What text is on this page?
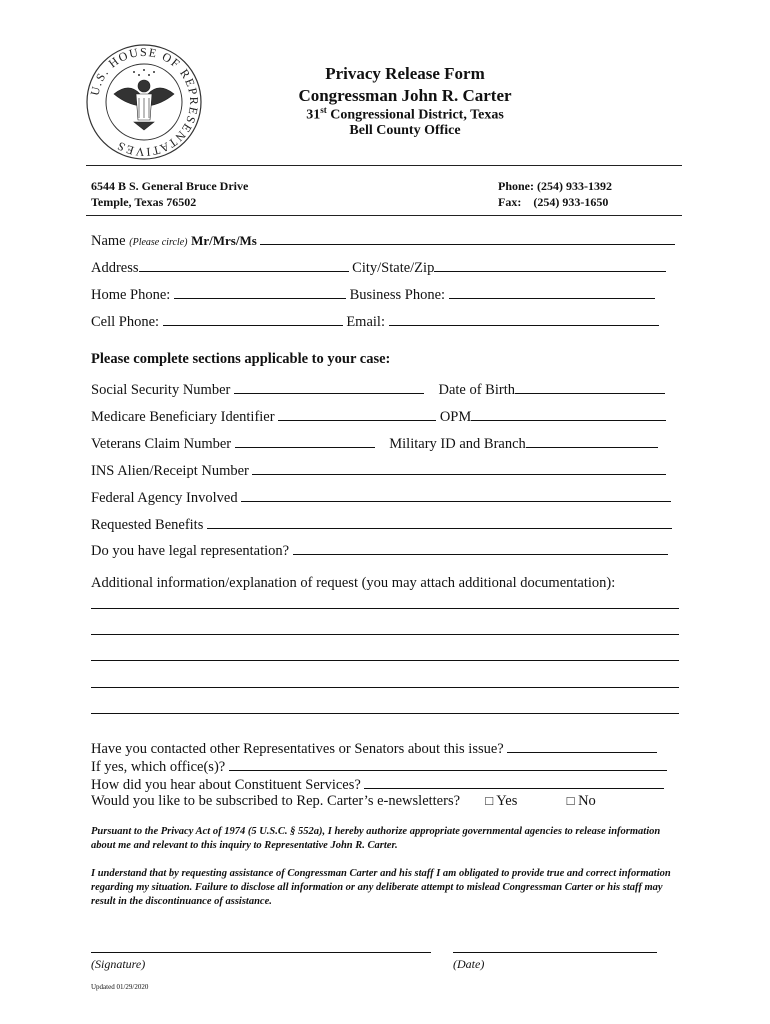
U.S. HOUSE OF REPRESENTATIVES
Privacy Release Form
Congressman John R. Carter
31st Congressional District, Texas
Bell County Office
6544 B S. General Bruce Drive
Temple, Texas 76502
Phone: (254) 933-1392
Fax: (254) 933-1650
Name (Please circle) Mr/Mrs/Ms
Address	City/State/Zip
Home Phone:	Business Phone:
Cell Phone:	Email:
Please complete sections applicable to your case:
Social Security Number	Date of Birth
Medicare Beneficiary Identifier	OPM
Veterans Claim Number	Military ID and Branch
INS Alien/Receipt Number
Federal Agency Involved
Requested Benefits
Do you have legal representation?
Additional information/explanation of request (you may attach additional documentation):
Have you contacted other Representatives or Senators about this issue?
If yes, which office(s)?
How did you hear about Constituent Services?
Would you like to be subscribed to Rep. Carter’s e-newsletters? □ Yes	□ No
Pursuant to the Privacy Act of 1974 (5 U.S.C. § 552a), I hereby authorize appropriate governmental agencies to release information about me and relevant to this inquiry to Representative John R. Carter.
I understand that by requesting assistance of Congressman Carter and his staff I am obligated to provide true and correct information regarding my situation. Failure to disclose all information or any deliberate attempt to mislead Congressman Carter or his staff may result in the discontinuance of assistance.
(Signature)	(Date)
Updated 01/29/2020
